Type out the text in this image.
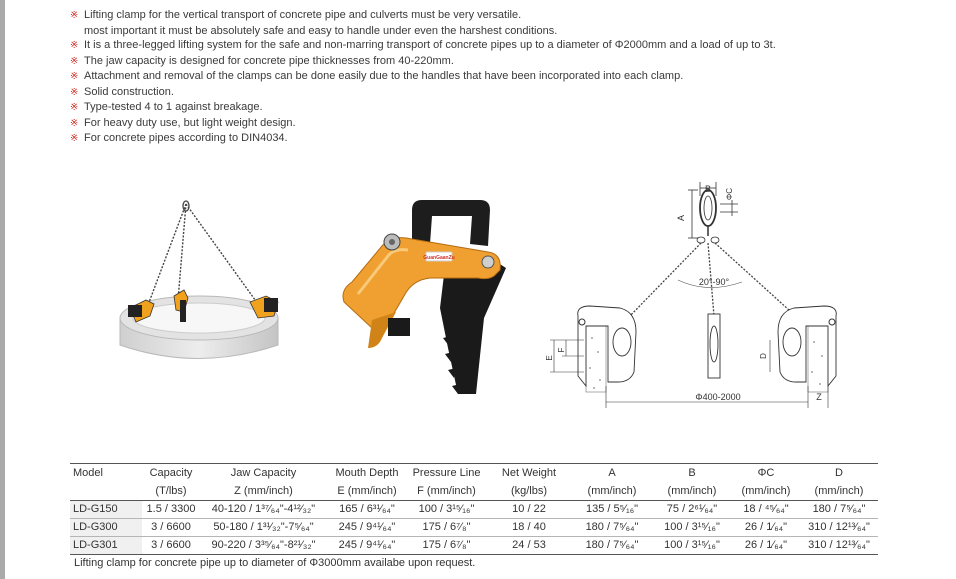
※ Lifting clamp for the vertical transport of concrete pipe and culverts must be very versatile.
most important it must be absolutely safe and easy to handle under even the harshest conditions.
※ It is a three-legged lifting system for the safe and non-marring transport of concrete pipes up to a diameter of Φ2000mm and a load of up to 3t.
※ The jaw capacity is designed for concrete pipe thicknesses from 40-220mm.
※ Attachment and removal of the clamps can be done easily due to the handles that have been incorporated into each clamp.
※ Solid construction.
※ Type-tested 4 to 1 against breakage.
※ For heavy duty use, but light weight design.
※ For concrete pipes according to DIN4034.
GuanGaanZu
B ΦC
A
20°-90°
E
F
D
Φ400-2000	Z
Model	Capacity	Jaw Capacity	Mouth Depth	Pressure Line	Net Weight	A	B	ΦC	D
	(T/lbs)	Z (mm/inch)	E (mm/inch)	F (mm/inch)	(kg/lbs)	(mm/inch)	(mm/inch)	(mm/inch)	(mm/inch)
LD-G150	1.5 / 3300	40-120 / 1³⁷⁄₆₄"-4¹²⁄₃₂"	165 / 6³¹⁄₆₄"	100 / 3¹⁵⁄₁₆"	10 / 22	135 / 5⁵⁄₁₆"	75 / 2⁶¹⁄₆₄"	18 / ⁴⁵⁄₆₄"	180 / 7⁵⁄₆₄"
LD-G300	3 / 6600	50-180 / 1³¹⁄₃₂"-7⁵⁄₆₄"	245 / 9⁴¹⁄₆₄"	175 / 6⁷⁄₈"	18 / 40	180 / 7⁵⁄₆₄"	100 / 3¹⁵⁄₁₆"	26 / 1⁄₆₄"	310 / 12¹³⁄₆₄"
LD-G301	3 / 6600	90-220 / 3³⁵⁄₆₄"-8²¹⁄₃₂"	245 / 9⁴¹⁄₆₄"	175 / 6⁷⁄₈"	24 / 53	180 / 7⁵⁄₆₄"	100 / 3¹⁵⁄₁₆"	26 / 1⁄₆₄"	310 / 12¹³⁄₆₄"
Lifting clamp for concrete pipe up to diameter of Φ3000mm availabe upon request.
